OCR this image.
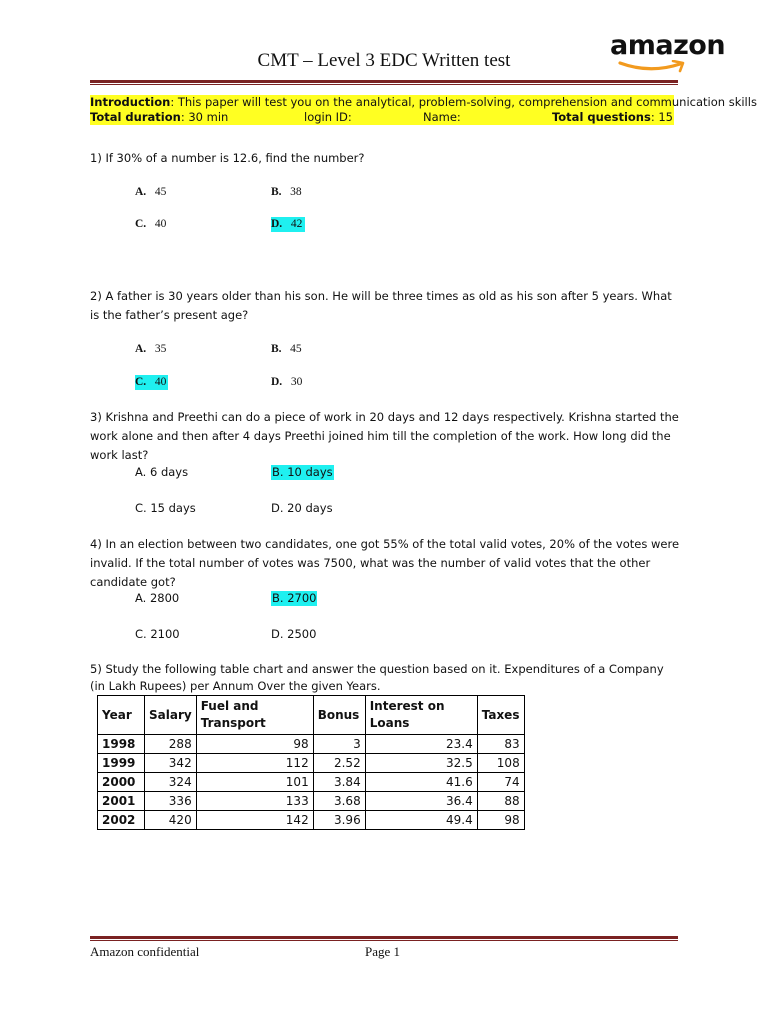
CMT – Level 3 EDC Written test	amazon
Introduction: This paper will test you on the analytical, problem-solving, comprehension and communication skills
Total duration: 30 min	login ID:	Name:	Total questions: 15
1) If 30% of a number is 12.6, find the number?
A. 45	B. 38
C. 40	D. 42
2) A father is 30 years older than his son. He will be three times as old as his son after 5 years. What is the father’s present age?
A. 35	B. 45
C. 40	D. 30
3) Krishna and Preethi can do a piece of work in 20 days and 12 days respectively. Krishna started the work alone and then after 4 days Preethi joined him till the completion of the work. How long did the work last?
A. 6 days	B. 10 days
C. 15 days	D. 20 days
4) In an election between two candidates, one got 55% of the total valid votes, 20% of the votes were invalid. If the total number of votes was 7500, what was the number of valid votes that the other candidate got?
A. 2800	B. 2700
C. 2100	D. 2500
5) Study the following table chart and answer the question based on it. Expenditures of a Company (in Lakh Rupees) per Annum Over the given Years.
Year	Salary	Fuel and Transport	Bonus	Interest on Loans	Taxes
1998	288	98	3	23.4	83
1999	342	112	2.52	32.5	108
2000	324	101	3.84	41.6	74
2001	336	133	3.68	36.4	88
2002	420	142	3.96	49.4	98
Amazon confidential	Page 1
